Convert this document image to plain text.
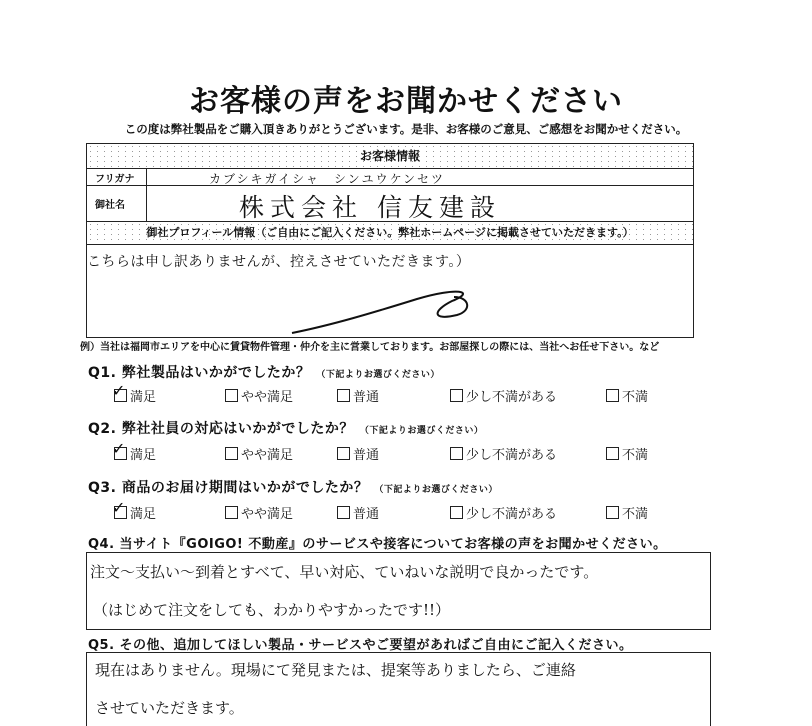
お客様の声をお聞かせください
この度は弊社製品をご購入頂きありがとうございます。是非、お客様のご意見、ご感想をお聞かせください。
お客様情報
フリガナ	カブシキガイシャ　シンユウケンセツ
御社名	株式会社 信友建設
御社プロフィール情報（ご自由にご記入ください。弊社ホームページに掲載させていただきます。）
こちらは申し訳ありませんが、控えさせていただきます。）
例）当社は福岡市エリアを中心に賃貸物件管理・仲介を主に営業しております。お部屋探しの際には、当社へお任せ下さい。など
Q1. 弊社製品はいかがでしたか？ （下記よりお選びください）
✓ 満足	やや満足	普通	少し不満がある	不満
Q2. 弊社社員の対応はいかがでしたか？ （下記よりお選びください）
✓ 満足	やや満足	普通	少し不満がある	不満
Q3. 商品のお届け期間はいかがでしたか？ （下記よりお選びください）
✓ 満足	やや満足	普通	少し不満がある	不満
Q4. 当サイト『GOIGO! 不動産』のサービスや接客についてお客様の声をお聞かせください。
注文〜支払い〜到着とすべて、早い対応、ていねいな説明で良かったです。
（はじめて注文をしても、わかりやすかったです!!）
Q5. その他、追加してほしい製品・サービスやご要望があればご自由にご記入ください。
現在はありません。現場にて発見または、提案等ありましたら、ご連絡
させていただきます。
